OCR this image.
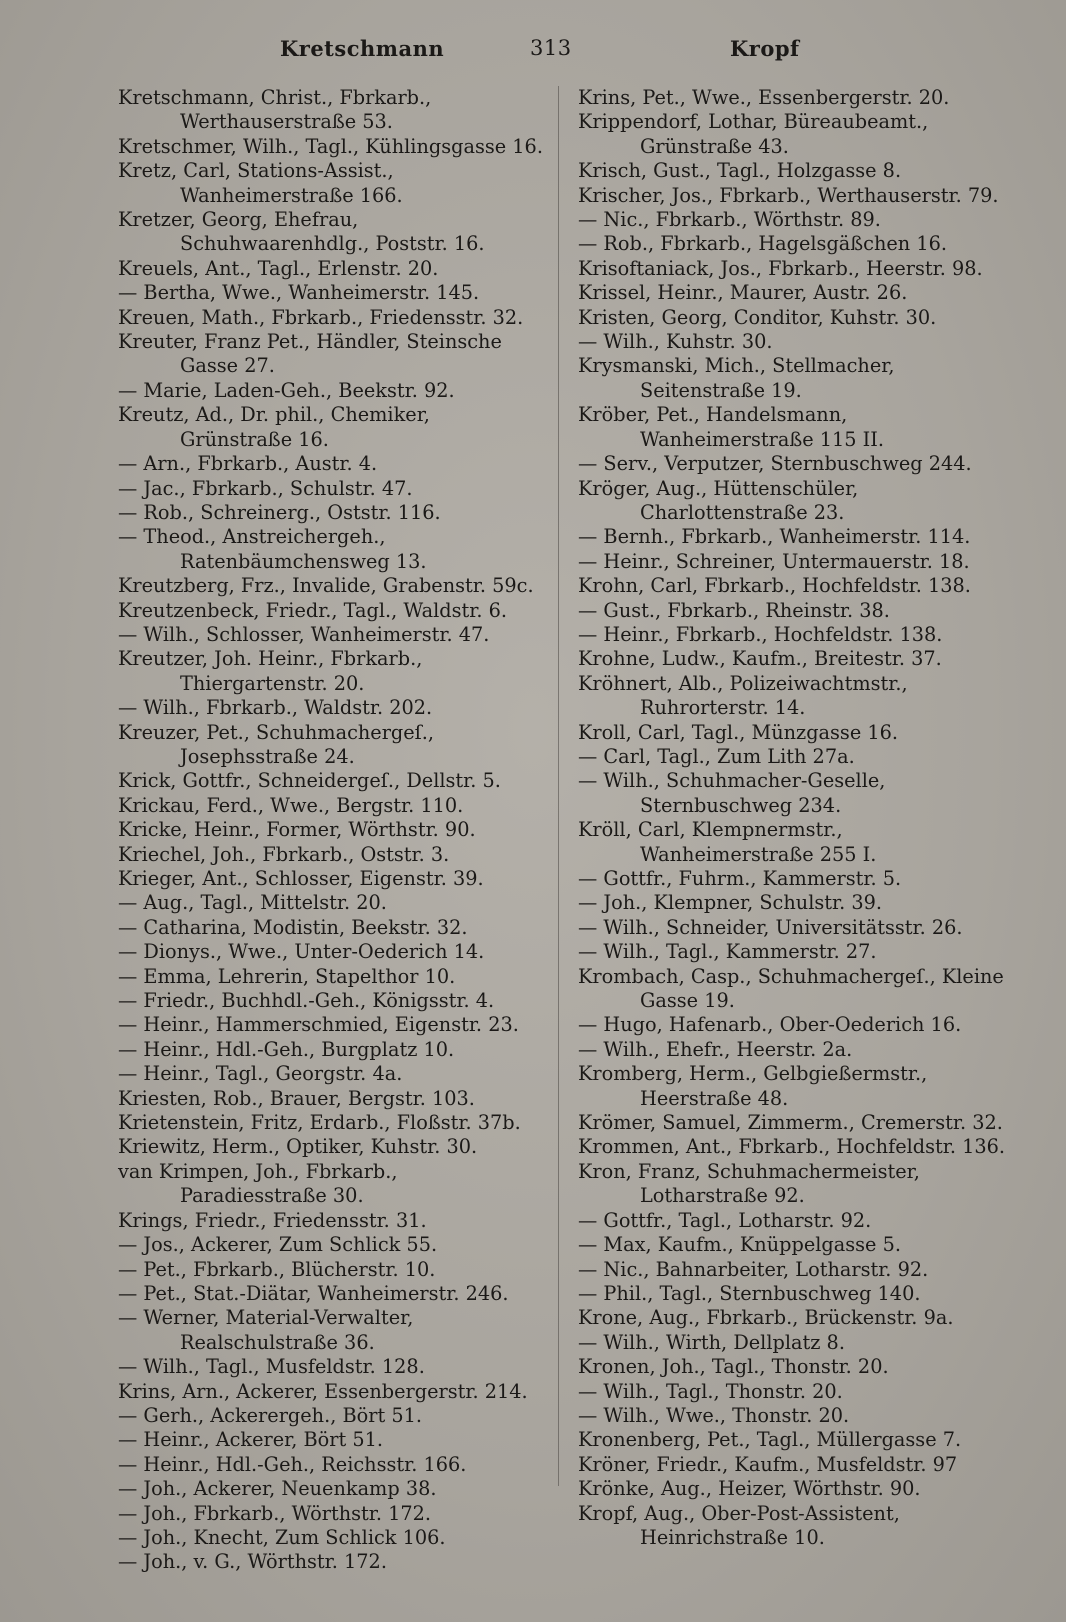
Kretschmann	313	Kropf

Kretschmann, Christ., Fbrkarb., Werthauserstraße 53.

Kretschmer, Wilh., Tagl., Kühlingsgasse 16.

Kretz, Carl, Stations-Assist., Wanheimerstraße 166.

Kretzer, Georg, Ehefrau, Schuhwaarenhdlg., Poststr. 16.

Kreuels, Ant., Tagl., Erlenstr. 20.

— Bertha, Wwe., Wanheimerstr. 145.

Kreuen, Math., Fbrkarb., Friedensstr. 32.

Kreuter, Franz Pet., Händler, Steinsche Gasse 27.

— Marie, Laden-Geh., Beekstr. 92.

Kreutz, Ad., Dr. phil., Chemiker, Grünstraße 16.

— Arn., Fbrkarb., Austr. 4.

— Jac., Fbrkarb., Schulstr. 47.

— Rob., Schreinerg., Oststr. 116.

— Theod., Anstreichergeh., Ratenbäumchensweg 13.

Kreutzberg, Frz., Invalide, Grabenstr. 59c.

Kreutzenbeck, Friedr., Tagl., Waldstr. 6.

— Wilh., Schlosser, Wanheimerstr. 47.

Kreutzer, Joh. Heinr., Fbrkarb., Thiergartenstr. 20.

— Wilh., Fbrkarb., Waldstr. 202.

Kreuzer, Pet., Schuhmachergeſ., Josephsstraße 24.

Krick, Gottfr., Schneidergeſ., Dellstr. 5.

Krickau, Ferd., Wwe., Bergstr. 110.

Kricke, Heinr., Former, Wörthstr. 90.

Kriechel, Joh., Fbrkarb., Oststr. 3.

Krieger, Ant., Schlosser, Eigenstr. 39.

— Aug., Tagl., Mittelstr. 20.

— Catharina, Modistin, Beekstr. 32.

— Dionys., Wwe., Unter-Oederich 14.

— Emma, Lehrerin, Stapelthor 10.

— Friedr., Buchhdl.-Geh., Königsstr. 4.

— Heinr., Hammerschmied, Eigenstr. 23.

— Heinr., Hdl.-Geh., Burgplatz 10.

— Heinr., Tagl., Georgstr. 4a.

Kriesten, Rob., Brauer, Bergstr. 103.

Krietenstein, Fritz, Erdarb., Floßstr. 37b.

Kriewitz, Herm., Optiker, Kuhstr. 30.

van Krimpen, Joh., Fbrkarb., Paradiesstraße 30.

Krings, Friedr., Friedensstr. 31.

— Jos., Ackerer, Zum Schlick 55.

— Pet., Fbrkarb., Blücherstr. 10.

— Pet., Stat.-Diätar, Wanheimerstr. 246.

— Werner, Material-Verwalter, Realschulstraße 36.

— Wilh., Tagl., Musfeldstr. 128.

Krins, Arn., Ackerer, Essenbergerstr. 214.

— Gerh., Ackerergeh., Bört 51.

— Heinr., Ackerer, Bört 51.

— Heinr., Hdl.-Geh., Reichsstr. 166.

— Joh., Ackerer, Neuenkamp 38.

— Joh., Fbrkarb., Wörthstr. 172.

— Joh., Knecht, Zum Schlick 106.

— Joh., v. G., Wörthstr. 172.

Krins, Pet., Wwe., Essenbergerstr. 20.

Krippendorf, Lothar, Büreaubeamt., Grünstraße 43.

Krisch, Gust., Tagl., Holzgasse 8.

Krischer, Jos., Fbrkarb., Werthauserstr. 79.

— Nic., Fbrkarb., Wörthstr. 89.

— Rob., Fbrkarb., Hagelsgäßchen 16.

Krisoftaniack, Jos., Fbrkarb., Heerstr. 98.

Krissel, Heinr., Maurer, Austr. 26.

Kristen, Georg, Conditor, Kuhstr. 30.

— Wilh., Kuhstr. 30.

Krysmanski, Mich., Stellmacher, Seitenstraße 19.

Kröber, Pet., Handelsmann, Wanheimerstraße 115 II.

— Serv., Verputzer, Sternbuschweg 244.

Kröger, Aug., Hüttenschüler, Charlottenstraße 23.

— Bernh., Fbrkarb., Wanheimerstr. 114.

— Heinr., Schreiner, Untermauerstr. 18.

Krohn, Carl, Fbrkarb., Hochfeldstr. 138.

— Gust., Fbrkarb., Rheinstr. 38.

— Heinr., Fbrkarb., Hochfeldstr. 138.

Krohne, Ludw., Kaufm., Breitestr. 37.

Kröhnert, Alb., Polizeiwachtmstr., Ruhrorterstr. 14.

Kroll, Carl, Tagl., Münzgasse 16.

— Carl, Tagl., Zum Lith 27a.

— Wilh., Schuhmacher-Geselle, Sternbuschweg 234.

Kröll, Carl, Klempnermstr., Wanheimerstraße 255 I.

— Gottfr., Fuhrm., Kammerstr. 5.

— Joh., Klempner, Schulstr. 39.

— Wilh., Schneider, Universitätsstr. 26.

— Wilh., Tagl., Kammerstr. 27.

Krombach, Casp., Schuhmachergeſ., Kleine Gasse 19.

— Hugo, Hafenarb., Ober-Oederich 16.

— Wilh., Ehefr., Heerstr. 2a.

Kromberg, Herm., Gelbgießermstr., Heerstraße 48.

Krömer, Samuel, Zimmerm., Cremerstr. 32.

Krommen, Ant., Fbrkarb., Hochfeldstr. 136.

Kron, Franz, Schuhmachermeister, Lotharstraße 92.

— Gottfr., Tagl., Lotharstr. 92.

— Max, Kaufm., Knüppelgasse 5.

— Nic., Bahnarbeiter, Lotharstr. 92.

— Phil., Tagl., Sternbuschweg 140.

Krone, Aug., Fbrkarb., Brückenstr. 9a.

— Wilh., Wirth, Dellplatz 8.

Kronen, Joh., Tagl., Thonstr. 20.

— Wilh., Tagl., Thonstr. 20.

— Wilh., Wwe., Thonstr. 20.

Kronenberg, Pet., Tagl., Müllergasse 7.

Kröner, Friedr., Kaufm., Musfeldstr. 97

Krönke, Aug., Heizer, Wörthstr. 90.

Kropf, Aug., Ober-Post-Assistent, Heinrichstraße 10.
